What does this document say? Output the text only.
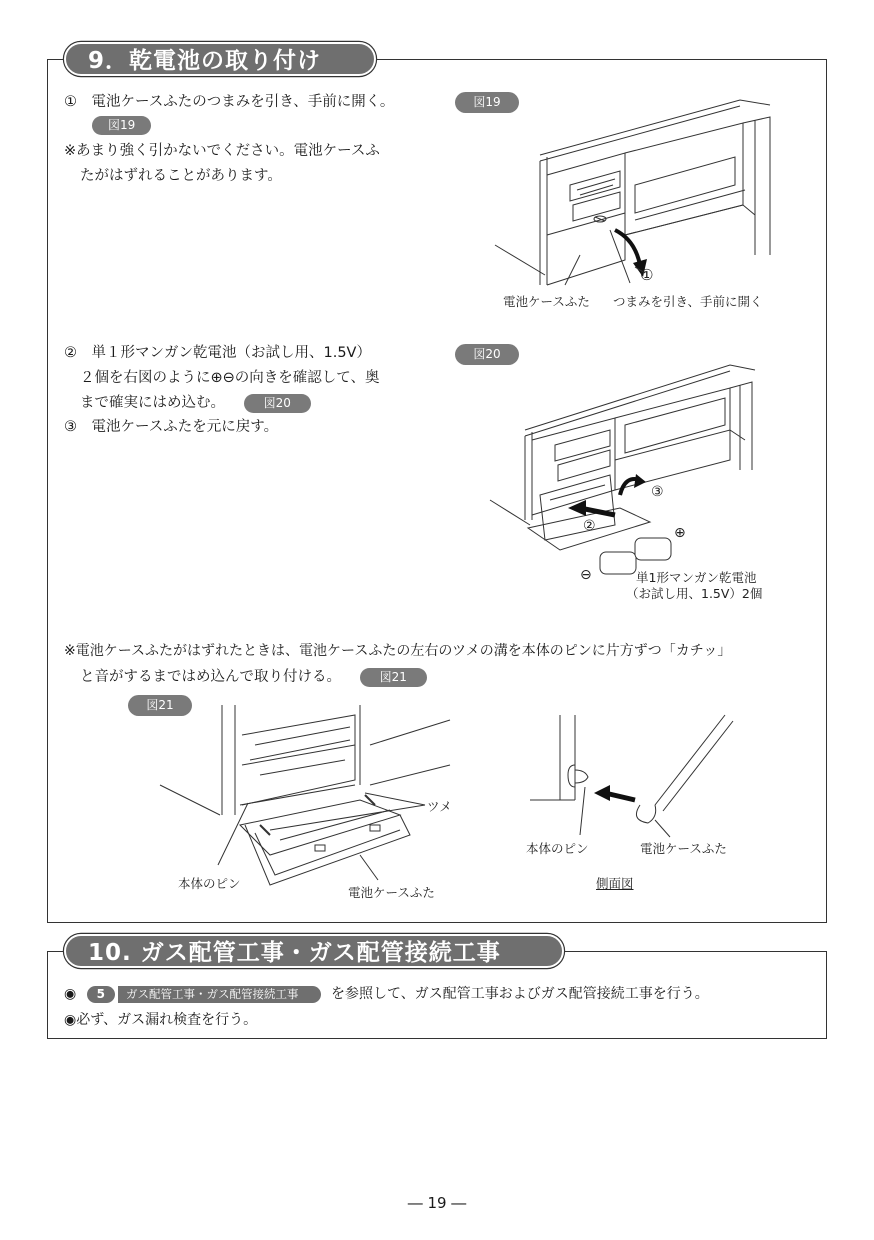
9．乾電池の取り付け
①　電池ケースふたのつまみを引き、手前に開く。
図19
※あまり強く引かないでください。電池ケースふ
たがはずれることがあります。
図19
①
電池ケースふた つまみを引き、手前に開く
②　単１形マンガン乾電池（お試し用、1.5V）
２個を右図のように⊕⊖の向きを確認して、奥
まで確実にはめ込む。	図20
③　電池ケースふたを元に戻す。
図20
②
③
⊕
⊖	単1形マンガン乾電池
（お試し用、1.5V）2個
※電池ケースふたがはずれたときは、電池ケースふたの左右のツメの溝を本体のピンに片方ずつ「カチッ」
と音がするまではめ込んで取り付ける。	図21
図21
ツメ
本体のピン
電池ケースふた
本体のピン	電池ケースふた
側面図
10. ガス配管工事・ガス配管接続工事
◉ 5 ガス配管工事・ガス配管接続工事 を参照して、ガス配管工事およびガス配管接続工事を行う。
◉必ず、ガス漏れ検査を行う。
― 19 ―
